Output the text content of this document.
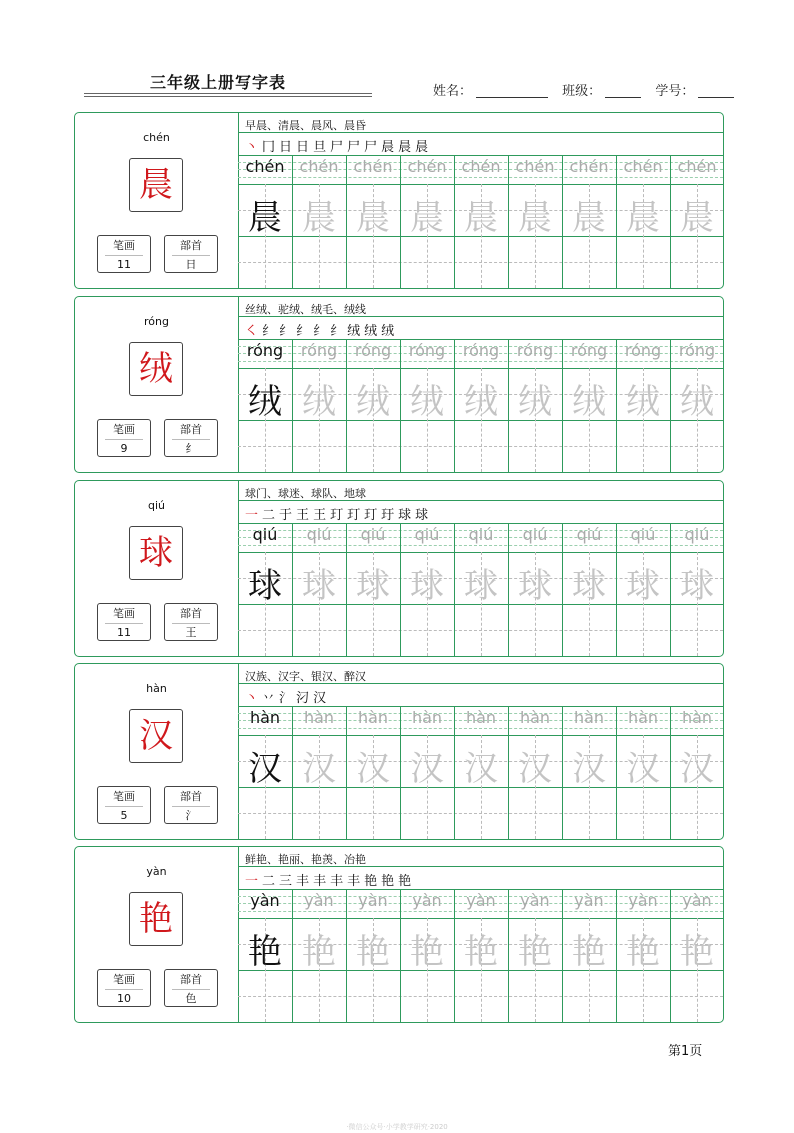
三年级上册写字表	姓名：	班级：	学号：
chén
晨
笔画
11
部首
日
早晨、清晨、晨风、晨昏
丶 冂 日 日 旦 尸 尸 尸 晨 晨 晨
chén chén chén chén chén chén chén chén chén
晨 晨 晨 晨 晨 晨 晨 晨 晨
róng
绒
笔画
9
部首
纟
丝绒、驼绒、绒毛、绒线
㇛ 纟 纟 纟 纟 纟 绒 绒 绒
róng	róng	róng	róng	róng	róng	róng	róng	róng
绒 绒 绒 绒 绒 绒 绒 绒 绒
qiú
球
笔画
11
部首
王
球门、球迷、球队、地球
一 二 于 王 王 玎 玎 玎 玗 球 球
qiú	qiú	qiú	qiú	qiú	qiú	qiú	qiú	qiú
球 球 球 球 球 球 球 球 球
hàn
汉
笔画
5
部首
氵
汉族、汉字、银汉、醉汉
丶 丷 氵 汈 汉
hàn	hàn	hàn	hàn	hàn	hàn	hàn	hàn	hàn
汉 汉 汉 汉 汉 汉 汉 汉 汉
yàn
艳
笔画
10
部首
色
鲜艳、艳丽、艳羡、冶艳
一 二 三 丰 丰 丰 丰 艳 艳 艳
yàn	yàn	yàn	yàn	yàn	yàn	yàn	yàn	yàn
艳 艳 艳 艳 艳 艳 艳 艳 艳
第1页
·微信公众号·小学教学研究·2020
